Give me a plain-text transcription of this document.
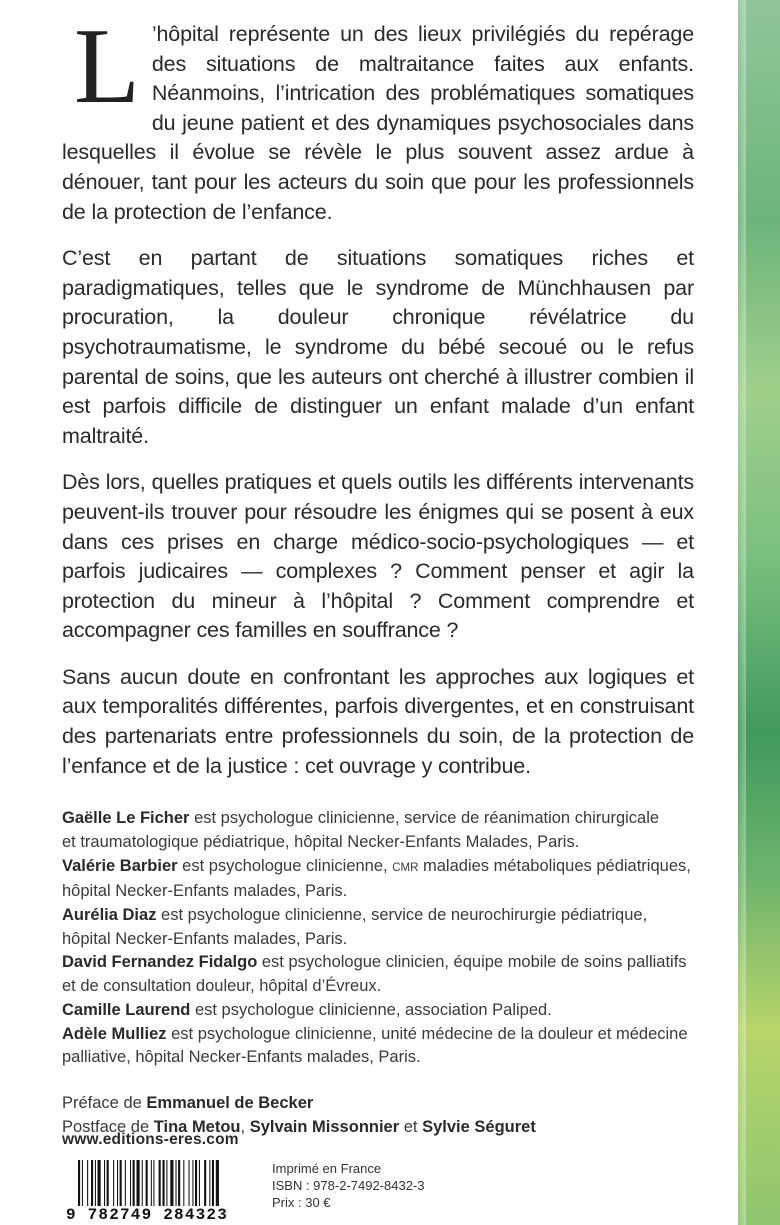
L ’hôpital représente un des lieux privilégiés du repérage des situations de maltraitance faites aux enfants. Néanmoins, l’intrication des problématiques somatiques du jeune patient et des dynamiques psychosociales dans lesquelles il évolue se révèle le plus souvent assez ardue à dénouer, tant pour les acteurs du soin que pour les professionnels de la protection de l’enfance.

C’est en partant de situations somatiques riches et paradigmatiques, telles que le syndrome de Münchhausen par procuration, la douleur chronique révélatrice du psychotraumatisme, le syndrome du bébé secoué ou le refus parental de soins, que les auteurs ont cherché à illustrer combien il est parfois difficile de distinguer un enfant malade d’un enfant maltraité.

Dès lors, quelles pratiques et quels outils les différents intervenants peuvent-ils trouver pour résoudre les énigmes qui se posent à eux dans ces prises en charge médico-socio-psychologiques — et parfois judicaires — complexes ? Comment penser et agir la protection du mineur à l’hôpital ? Comment comprendre et accompagner ces familles en souffrance ?

Sans aucun doute en confrontant les approches aux logiques et aux temporalités différentes, parfois divergentes, et en construisant des partenariats entre professionnels du soin, de la protection de l’enfance et de la justice : cet ouvrage y contribue.

Gaëlle Le Ficher est psychologue clinicienne, service de réanimation chirurgicale

et traumatologique pédiatrique, hôpital Necker-Enfants Malades, Paris.

Valérie Barbier est psychologue clinicienne, CMR maladies métaboliques pédiatriques,

hôpital Necker-Enfants malades, Paris.

Aurélia Diaz est psychologue clinicienne, service de neurochirurgie pédiatrique,

hôpital Necker-Enfants malades, Paris.

David Fernandez Fidalgo est psychologue clinicien, équipe mobile de soins palliatifs

et de consultation douleur, hôpital d’Évreux.

Camille Laurend est psychologue clinicienne, association Paliped.

Adèle Mulliez est psychologue clinicienne, unité médecine de la douleur et médecine

palliative, hôpital Necker-Enfants malades, Paris.

Préface de Emmanuel de Becker

Postface de Tina Metou, Sylvain Missonnier et Sylvie Séguret

www.editions-eres.com
9 782749 284323

Imprimé en France

ISBN : 978-2-7492-8432-3

Prix : 30 €
